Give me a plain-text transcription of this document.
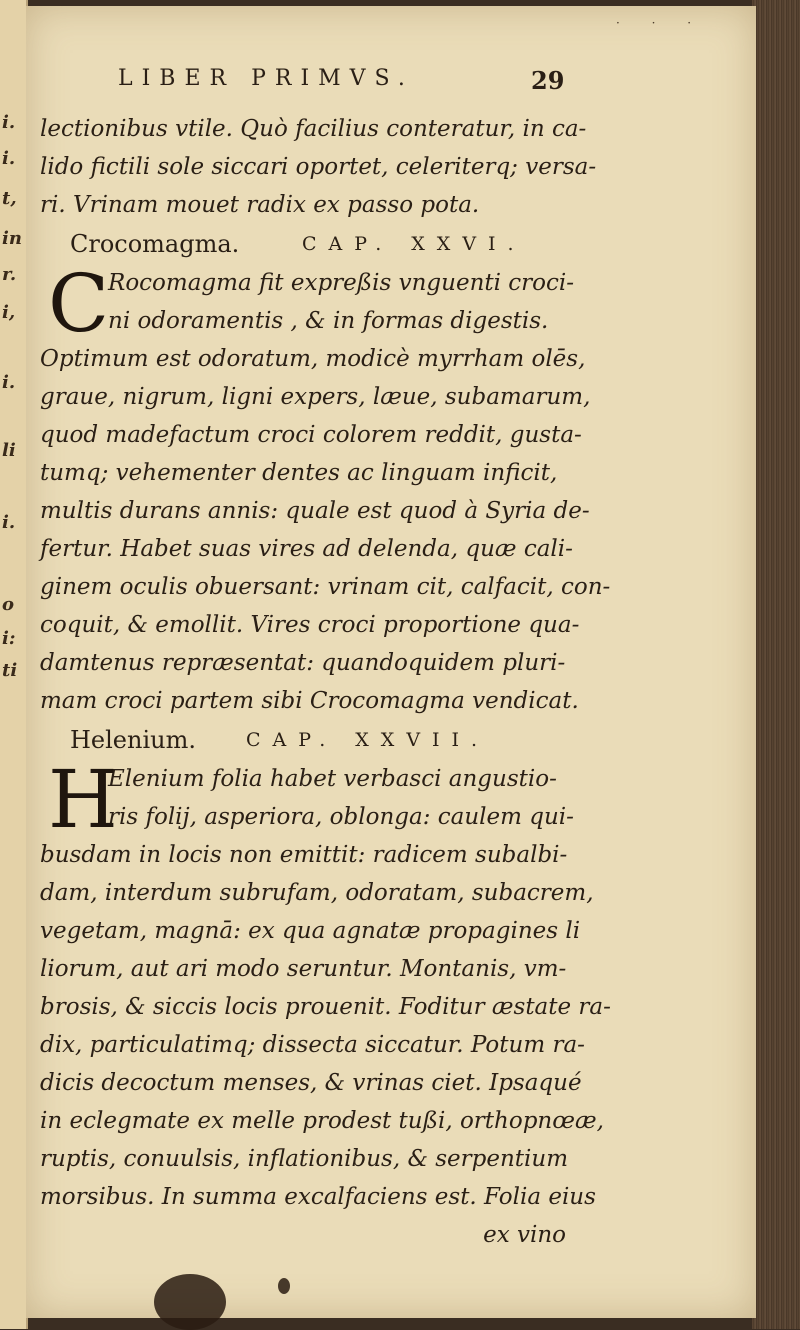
i.
i.
t,
in
r.
i,
i.
li
i.
o
i:
ti
· · ·
LIBER PRIMVS.	29
lectionibus vtile. Quò facilius conteratur, in ca-
lido fictili sole siccari oportet, celeriterq; versa-
ri. Vrinam mouet radix ex passo pota.
Crocomagma.	CAP. XXVI.
C
Rocomagma fit expreßis vnguenti croci-
ni odoramentis , & in formas digestis.
Optimum est odoratum, modicè myrrham olēs,
graue, nigrum, ligni expers, læue, subamarum,
quod madefactum croci colorem reddit, gusta-
tumq; vehementer dentes ac linguam inficit,
multis durans annis: quale est quod à Syria de-
fertur. Habet suas vires ad delenda, quæ cali-
ginem oculis obuersant: vrinam cit, calfacit, con-
coquit, & emollit. Vires croci proportione qua-
damtenus repræsentat: quandoquidem pluri-
mam croci partem sibi Crocomagma vendicat.
Helenium.	CAP. XXVII.
H
Elenium folia habet verbasci angustio-
ris folij, asperiora, oblonga: caulem qui-
busdam in locis non emittit: radicem subalbi-
dam, interdum subrufam, odoratam, subacrem,
vegetam, magnā: ex qua agnatæ propagines li
liorum, aut ari modo seruntur. Montanis, vm-
brosis, & siccis locis prouenit. Foditur æstate ra-
dix, particulatimq; dissecta siccatur. Potum ra-
dicis decoctum menses, & vrinas ciet. Ipsaqué
in eclegmate ex melle prodest tußi, orthopnœæ,
ruptis, conuulsis, inflationibus, & serpentium
morsibus. In summa excalfaciens est. Folia eius
ex vino
